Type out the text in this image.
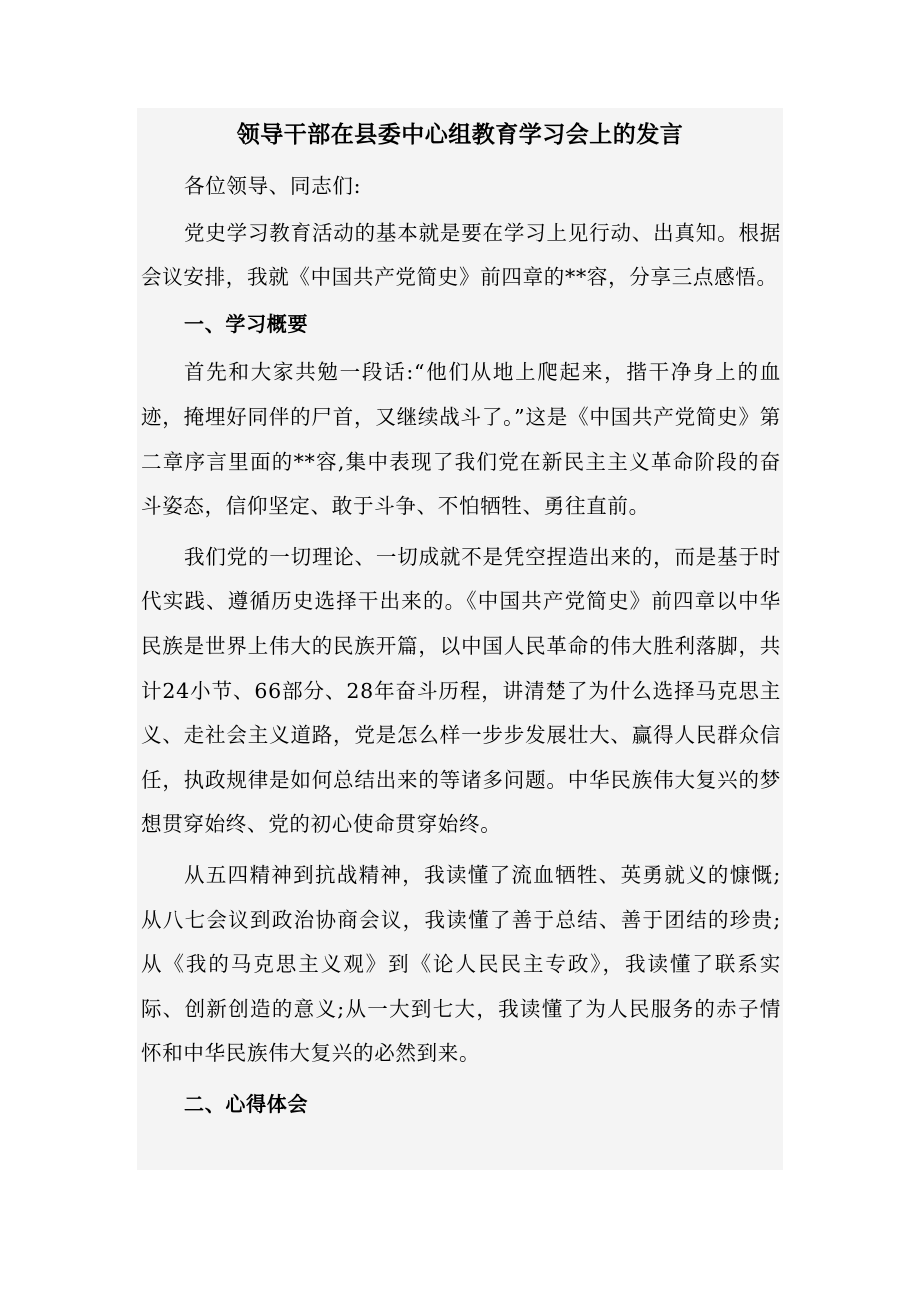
领导干部在县委中心组教育学习会上的发言

各位领导、同志们:

党史学习教育活动的基本就是要在学习上见行动、出真知。根据会议安排，我就《中国共产党简史》前四章的**容，分享三点感悟。

一、学习概要

首先和大家共勉一段话:“他们从地上爬起来，揩干净身上的血迹，掩埋好同伴的尸首，又继续战斗了。”这是《中国共产党简史》第二章序言里面的**容,集中表现了我们党在新民主主义革命阶段的奋斗姿态，信仰坚定、敢于斗争、不怕牺牲、勇往直前。

我们党的一切理论、一切成就不是凭空捏造出来的，而是基于时代实践、遵循历史选择干出来的。《中国共产党简史》前四章以中华民族是世界上伟大的民族开篇，以中国人民革命的伟大胜利落脚，共计24小节、66部分、28年奋斗历程，讲清楚了为什么选择马克思主义、走社会主义道路，党是怎么样一步步发展壮大、赢得人民群众信任，执政规律是如何总结出来的等诸多问题。中华民族伟大复兴的梦想贯穿始终、党的初心使命贯穿始终。

从五四精神到抗战精神，我读懂了流血牺牲、英勇就义的慷慨;从八七会议到政治协商会议，我读懂了善于总结、善于团结的珍贵;从《我的马克思主义观》到《论人民民主专政》，我读懂了联系实际、创新创造的意义;从一大到七大，我读懂了为人民服务的赤子情怀和中华民族伟大复兴的必然到来。

二、心得体会
